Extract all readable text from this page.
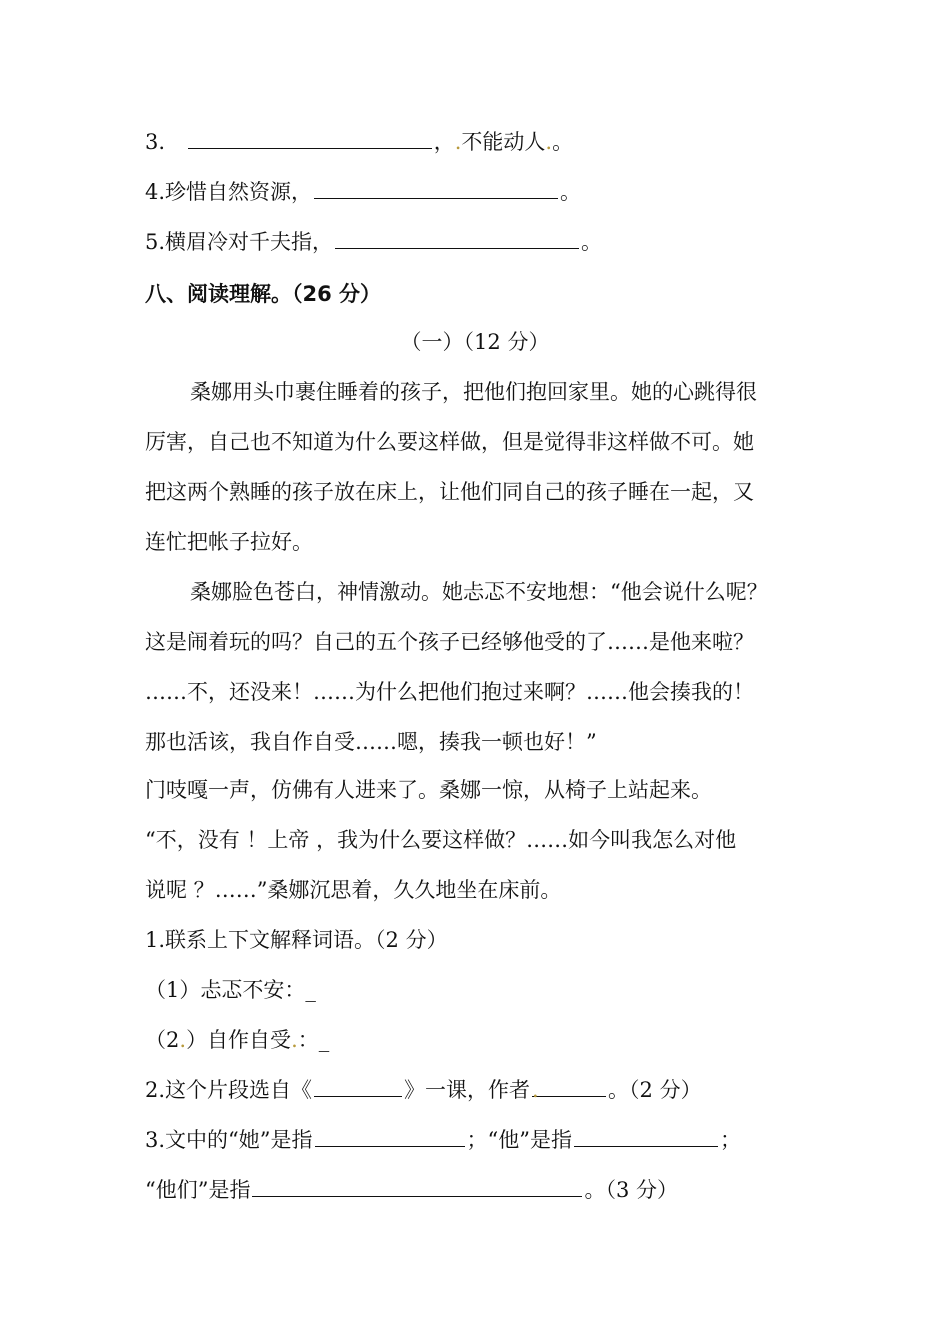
3.	，.不能动人.。
4.珍惜自然资源，	。
5.横眉冷对千夫指，	。
八、阅读理解。（26 分）
（一）（12 分）
桑娜用头巾裹住睡着的孩子，把他们抱回家里。她的心跳得很
厉害，自己也不知道为什么要这样做，但是觉得非这样做不可。她
把这两个熟睡的孩子放在床上，让他们同自己的孩子睡在一起，又
连忙把帐子拉好。
桑娜脸色苍白，神情激动。她忐忑不安地想：“他会说什么呢？
这是闹着玩的吗？自己的五个孩子已经够他受的了……是他来啦？
……不，还没来！……为什么把他们抱过来啊？……他会揍我的！
那也活该，我自作自受……嗯，揍我一顿也好！”
门吱嘎一声，仿佛有人进来了。桑娜一惊，从椅子上站起来。
“不，没有 ！上帝 ，我为什么要这样做？……如今叫我怎么对他
说呢 ？……”桑娜沉思着，久久地坐在床前。
1.联系上下文解释词语。（2 分）
（1）忐忑不安：_
（2.）自作自受.：_
2.这个片段选自《	》一课，作者.	。（2 分）
3.文中的“她”是指	；“他”是指	；
“他们”是指	。（3 分）
